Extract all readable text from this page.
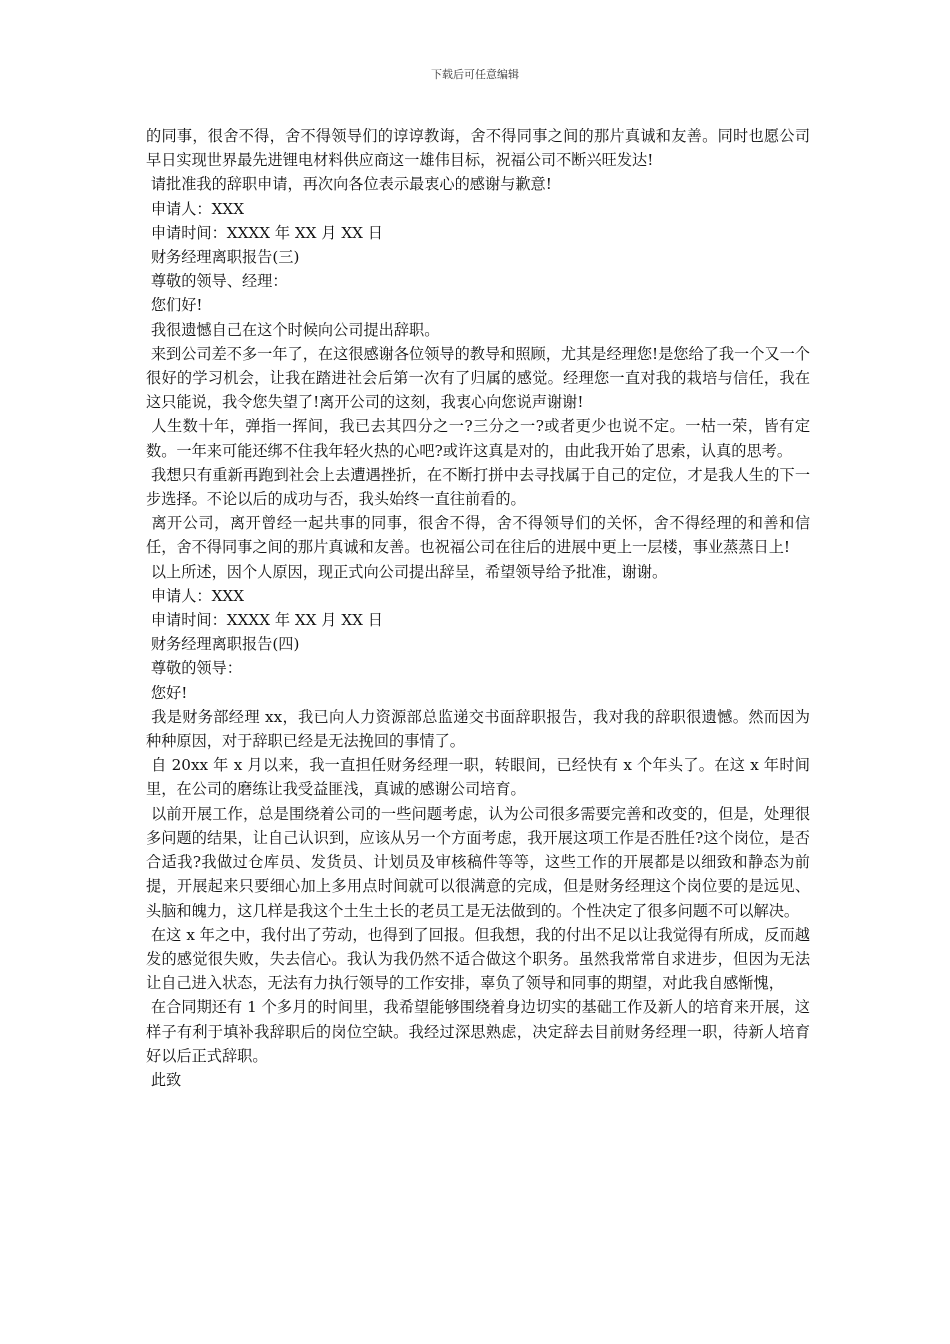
下载后可任意编辑

的同事，很舍不得，舍不得领导们的谆谆教诲，舍不得同事之间的那片真诚和友善。同时也愿公司早日实现世界最先进锂电材料供应商这一雄伟目标，祝福公司不断兴旺发达!

请批准我的辞职申请，再次向各位表示最衷心的感谢与歉意!

申请人：XXX

申请时间：XXXX 年 XX 月 XX 日

财务经理离职报告(三)

尊敬的领导、经理：

您们好!

我很遗憾自己在这个时候向公司提出辞职。

来到公司差不多一年了，在这很感谢各位领导的教导和照顾，尤其是经理您!是您给了我一个又一个很好的学习机会，让我在踏进社会后第一次有了归属的感觉。经理您一直对我的栽培与信任，我在这只能说，我令您失望了!离开公司的这刻，我衷心向您说声谢谢!

人生数十年，弹指一挥间，我已去其四分之一?三分之一?或者更少也说不定。一枯一荣，皆有定数。一年来可能还绑不住我年轻火热的心吧?或许这真是对的，由此我开始了思索，认真的思考。

我想只有重新再跑到社会上去遭遇挫折，在不断打拼中去寻找属于自己的定位，才是我人生的下一步选择。不论以后的成功与否，我头始终一直往前看的。

离开公司，离开曾经一起共事的同事，很舍不得，舍不得领导们的关怀，舍不得经理的和善和信任，舍不得同事之间的那片真诚和友善。也祝福公司在往后的进展中更上一层楼，事业蒸蒸日上!

以上所述，因个人原因，现正式向公司提出辞呈，希望领导给予批准，谢谢。

申请人：XXX

申请时间：XXXX 年 XX 月 XX 日

财务经理离职报告(四)

尊敬的领导：

您好!

我是财务部经理 xx，我已向人力资源部总监递交书面辞职报告，我对我的辞职很遗憾。然而因为种种原因，对于辞职已经是无法挽回的事情了。

自 20xx 年 x 月以来，我一直担任财务经理一职，转眼间，已经快有 x 个年头了。在这 x 年时间里，在公司的磨练让我受益匪浅，真诚的感谢公司培育。

以前开展工作，总是围绕着公司的一些问题考虑，认为公司很多需要完善和改变的，但是，处理很多问题的结果，让自己认识到，应该从另一个方面考虑，我开展这项工作是否胜任?这个岗位，是否合适我?我做过仓库员、发货员、计划员及审核稿件等等，这些工作的开展都是以细致和静态为前提，开展起来只要细心加上多用点时间就可以很满意的完成，但是财务经理这个岗位要的是远见、头脑和魄力，这几样是我这个土生土长的老员工是无法做到的。个性决定了很多问题不可以解决。

在这 x 年之中，我付出了劳动，也得到了回报。但我想，我的付出不足以让我觉得有所成，反而越发的感觉很失败，失去信心。我认为我仍然不适合做这个职务。虽然我常常自求进步，但因为无法让自己进入状态，无法有力执行领导的工作安排，辜负了领导和同事的期望，对此我自感惭愧，

在合同期还有 1 个多月的时间里，我希望能够围绕着身边切实的基础工作及新人的培育来开展，这样子有利于填补我辞职后的岗位空缺。我经过深思熟虑，决定辞去目前财务经理一职，待新人培育好以后正式辞职。

此致
